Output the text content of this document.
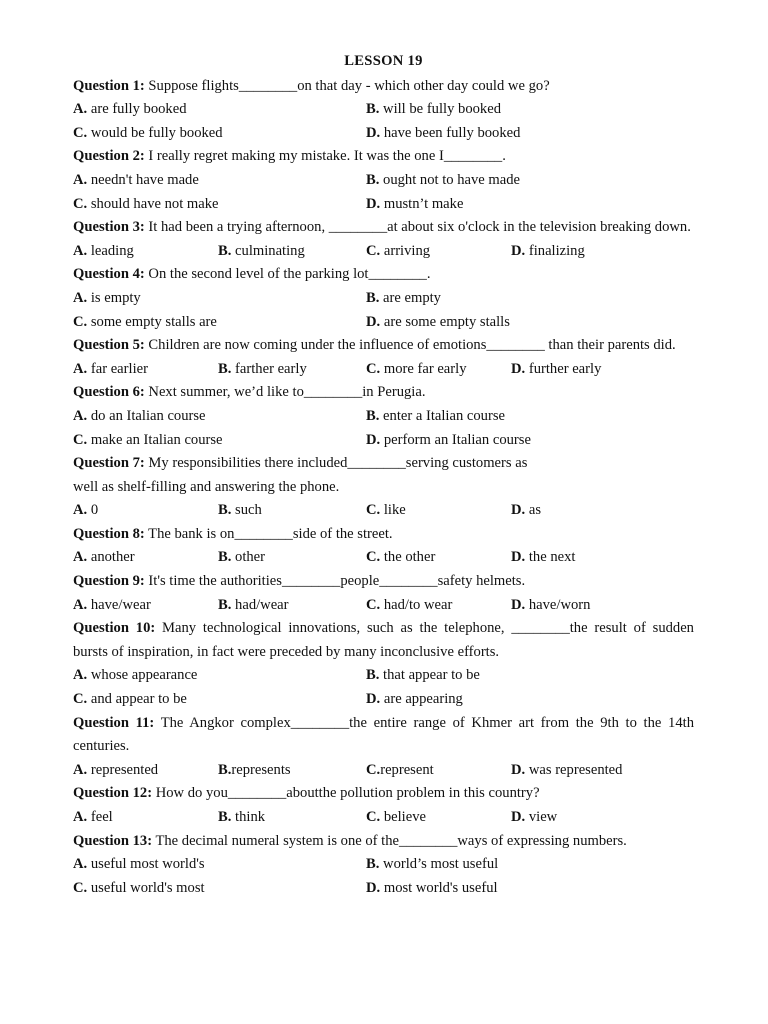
LESSON 19

Question 1: Suppose flights________on that day - which other day could we go?

A. are fully booked	B. will be fully booked
C. would be fully booked	D. have been fully booked

Question 2: I really regret making my mistake. It was the one I________.

A. needn't have made	B. ought not to have made
C. should have not make	D. mustn’t make

Question 3: It had been a trying afternoon, ________at about six o'clock in the television breaking down.

A. leading	B. culminating	C. arriving	D. finalizing

Question 4: On the second level of the parking lot________.

A. is empty	B. are empty
C. some empty stalls are	D. are some empty stalls

Question 5: Children are now coming under the influence of emotions________ than their parents did.

A. far earlier	B. farther early	C. more far early	D. further early

Question 6: Next summer, we’d like to________in Perugia.

A. do an Italian course	B. enter a Italian course
C. make an Italian course	D. perform an Italian course

Question 7: My responsibilities there included________serving customers as

well as shelf-filling and answering the phone.

A. 0	B. such	C. like	D. as

Question 8: The bank is on________side of the street.

A. another	B. other	C. the other	D. the next

Question 9: It's time the authorities________people________safety helmets.

A. have/wear	B. had/wear	C. had/to wear	D. have/worn

Question 10: Many technological innovations, such as the telephone, ________the result of sudden bursts of inspiration, in fact were preceded by many inconclusive efforts.

A. whose appearance	B. that appear to be
C. and appear to be	D. are appearing

Question 11: The Angkor complex________the entire range of Khmer art from the 9th to the 14th centuries.

A. represented	B.represents	C.represent	D. was represented

Question 12: How do you________aboutthe pollution problem in this country?

A. feel	B. think	C. believe	D. view

Question 13: The decimal numeral system is one of the________ways of expressing numbers.

A. useful most world's	B. world’s most useful
C. useful world's most	D. most world's useful
